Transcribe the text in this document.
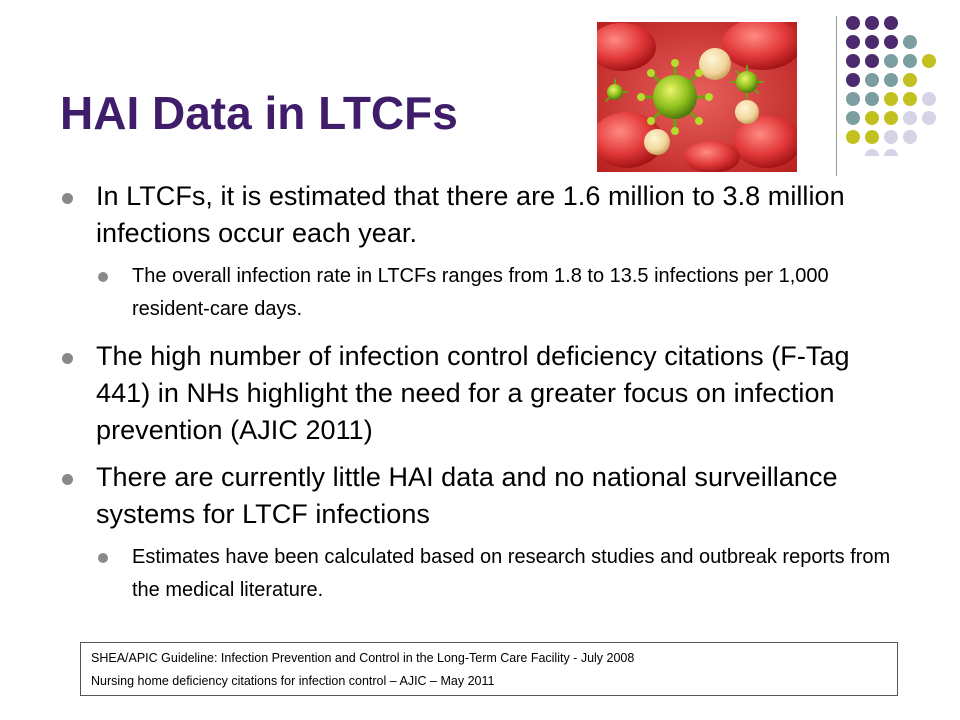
HAI Data in LTCFs
In LTCFs, it is estimated that there are 1.6 million to 3.8 million infections occur each year.
The overall infection rate in LTCFs ranges from 1.8 to 13.5 infections per 1,000 resident-care days.
The high number of infection control deficiency citations (F-Tag 441) in NHs highlight the need for a greater focus on infection prevention (AJIC 2011)
There are currently little HAI data and no national surveillance systems for LTCF infections
Estimates have been calculated based on research studies and outbreak reports from the medical literature.
SHEA/APIC Guideline: Infection Prevention and Control in the Long-Term Care Facility - July 2008
Nursing home deficiency citations for infection control – AJIC – May 2011
